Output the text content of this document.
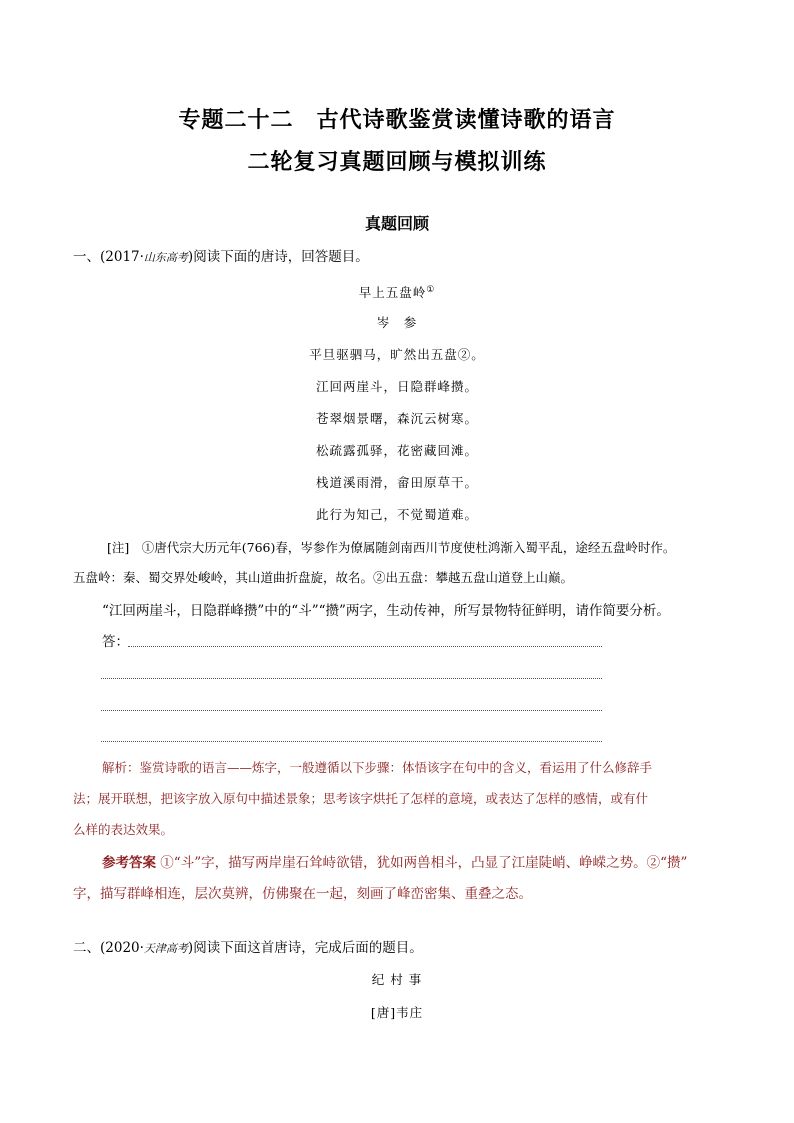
专题二十二　古代诗歌鉴赏读懂诗歌的语言
二轮复习真题回顾与模拟训练
真题回顾
一、(2017·山东高考)阅读下面的唐诗，回答题目。
早上五盘岭①
岑　参
平旦驱驷马，旷然出五盘②。
江回两崖斗，日隐群峰攒。
苍翠烟景曙，森沉云树寒。
松疏露孤驿，花密藏回滩。
栈道溪雨滑，畲田原草干。
此行为知己，不觉蜀道难。
[注]　①唐代宗大历元年(766)春，岑参作为僚属随剑南西川节度使杜鸿渐入蜀平乱，途经五盘岭时作。
五盘岭：秦、蜀交界处峻岭，其山道曲折盘旋，故名。②出五盘：攀越五盘山道登上山巅。
“江回两崖斗，日隐群峰攒”中的“斗”“攒”两字，生动传神，所写景物特征鲜明，请作简要分析。
答：
解析：鉴赏诗歌的语言——炼字，一般遵循以下步骤：体悟该字在句中的含义，看运用了什么修辞手
法；展开联想，把该字放入原句中描述景象；思考该字烘托了怎样的意境，或表达了怎样的感情，或有什
么样的表达效果。
参考答案 ①“斗”字，描写两岸崖石耸峙欲错，犹如两兽相斗，凸显了江崖陡峭、峥嵘之势。②“攒”
字，描写群峰相连，层次莫辨，仿佛聚在一起，刻画了峰峦密集、重叠之态。
二、(2020·天津高考)阅读下面这首唐诗，完成后面的题目。
纪 村 事
[唐]韦庄
